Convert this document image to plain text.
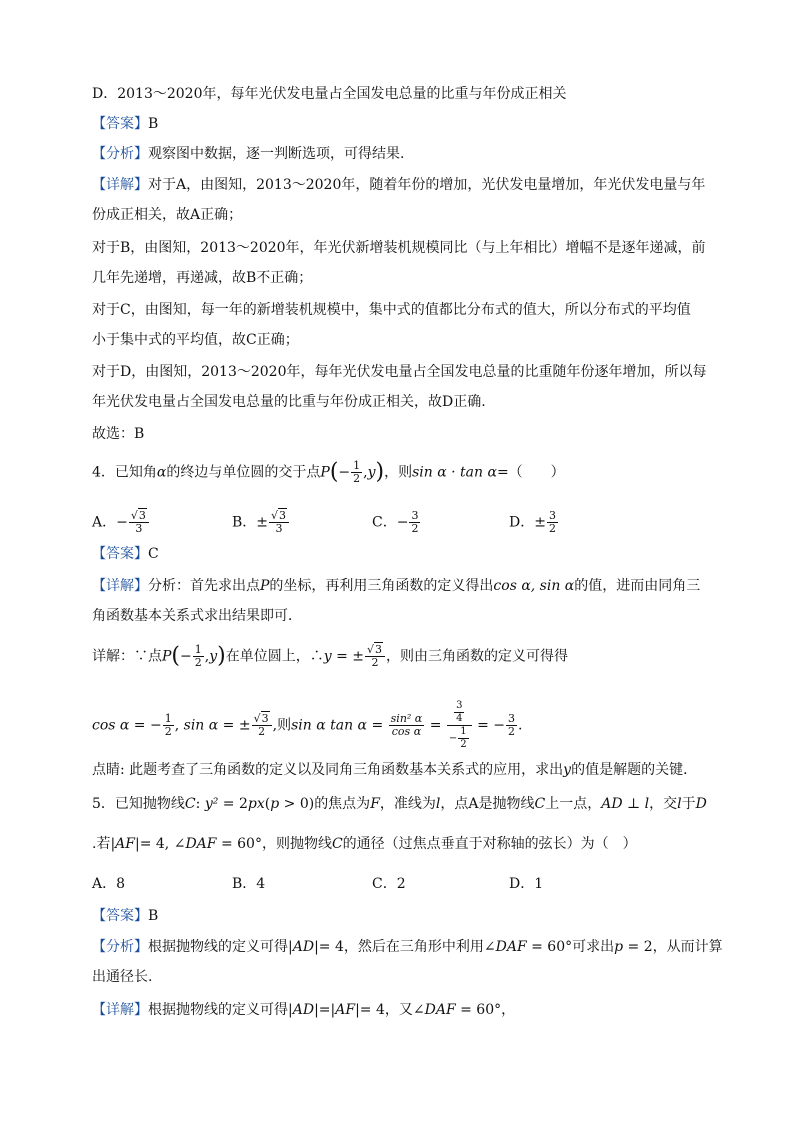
D．2013～2020年，每年光伏发电量占全国发电总量的比重与年份成正相关
【答案】B
【分析】观察图中数据，逐一判断选项，可得结果.
【详解】对于A，由图知，2013～2020年，随着年份的增加，光伏发电量增加，年光伏发电量与年
份成正相关，故A正确；
对于B，由图知，2013～2020年，年光伏新增装机规模同比（与上年相比）增幅不是逐年递减，前
几年先递增，再递减，故B不正确；
对于C，由图知，每一年的新增装机规模中，集中式的值都比分布式的值大，所以分布式的平均值
小于集中式的平均值，故C正确；
对于D，由图知，2013～2020年，每年光伏发电量占全国发电总量的比重随年份逐年增加，所以每
年光伏发电量占全国发电总量的比重与年份成正相关，故D正确.
故选：B
4．已知角α的终边与单位圆的交于点$P(- \frac{1}{2} ,y)$，则sin α · tan α=（　　）
A．− $\frac{√3}{3}$	B．± $\frac{√3}{3}$	C．− $\frac{3}{2}$	D．± $\frac{3}{2}$
【答案】C
【详解】分析：首先求出点P的坐标，再利用三角函数的定义得出cos α, sin α的值，进而由同角三
角函数基本关系式求出结果即可．
详解：∵点$P(- \frac{1}{2} ,y)$在单位圆上，∴y = ± $\frac{√3}{2}$ ，则由三角函数的定义可得得
cos α = − $\frac{1}{2}$ , sin α = ± $\frac{√3}{2}$ ,则sin α $\tan \alpha = \frac{\text{sin² α}}{\text{cos α}} = \frac{\frac{3}{4}}{- \frac{1}{2}}$ = − $\frac{3}{2}$ .
点睛: 此题考查了三角函数的定义以及同角三角函数基本关系式的应用，求出y的值是解题的关键．
5．已知抛物线C: y² = 2px(p > 0)的焦点为F，准线为l，点A是抛物线C上一点，AD ⊥ l，交l于D
.若|AF|= 4, ∠DAF = 60°，则抛物线C的通径（过焦点垂直于对称轴的弦长）为（　）
A．8	B．4	C．2	D．1
【答案】B
【分析】根据抛物线的定义可得|AD|= 4，然后在三角形中利用∠DAF = 60°可求出p = 2，从而计算
出通径长.
【详解】根据抛物线的定义可得|AD|=|AF|= 4，又∠DAF = 60°，
